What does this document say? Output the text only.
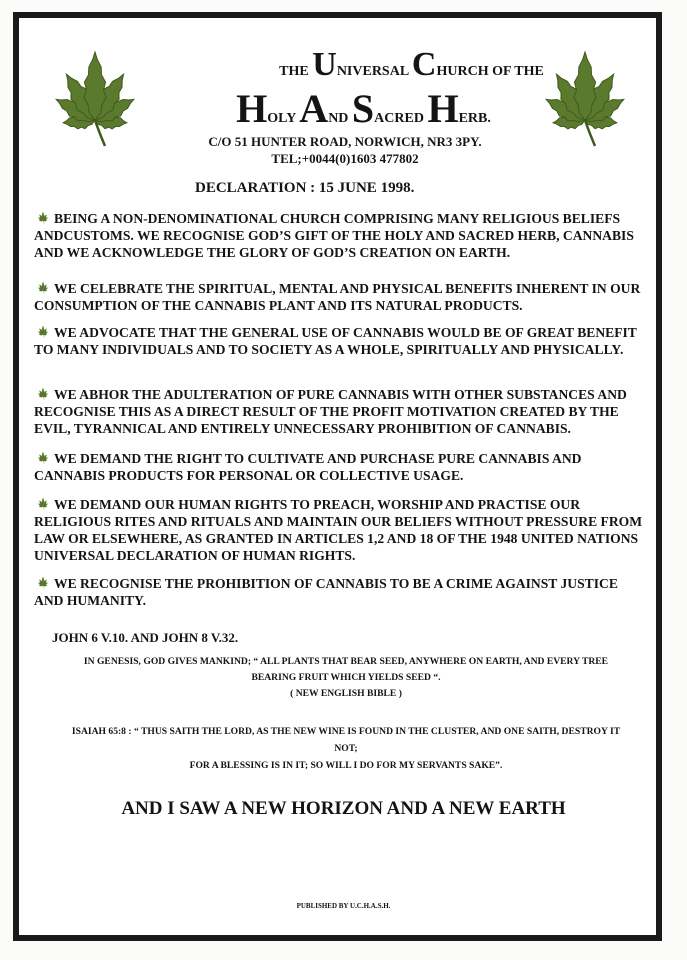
THE UNIVERSAL CHURCH OF THE
HOLY AND SACRED HERB.
C/O 51 HUNTER ROAD, NORWICH, NR3 3PY.
TEL;+0044(0)1603 477802
DECLARATION : 15 JUNE 1998.
BEING A NON-DENOMINATIONAL CHURCH COMPRISING MANY RELIGIOUS BELIEFS ANDCUSTOMS. WE RECOGNISE GOD’S GIFT OF THE HOLY AND SACRED HERB, CANNABIS AND WE ACKNOWLEDGE THE GLORY OF GOD’S CREATION ON EARTH.
WE CELEBRATE THE SPIRITUAL, MENTAL AND PHYSICAL BENEFITS INHERENT IN OUR CONSUMPTION OF THE CANNABIS PLANT AND ITS NATURAL PRODUCTS.
WE ADVOCATE THAT THE GENERAL USE OF CANNABIS WOULD BE OF GREAT BENEFIT TO MANY INDIVIDUALS AND TO SOCIETY AS A WHOLE, SPIRITUALLY AND PHYSICALLY.
WE ABHOR THE ADULTERATION OF PURE CANNABIS WITH OTHER SUBSTANCES AND RECOGNISE THIS AS A DIRECT RESULT OF THE PROFIT MOTIVATION CREATED BY THE EVIL, TYRANNICAL AND ENTIRELY UNNECESSARY PROHIBITION OF CANNABIS.
WE DEMAND THE RIGHT TO CULTIVATE AND PURCHASE PURE CANNABIS AND CANNABIS PRODUCTS FOR PERSONAL OR COLLECTIVE USAGE.
WE DEMAND OUR HUMAN RIGHTS TO PREACH, WORSHIP AND PRACTISE OUR RELIGIOUS RITES AND RITUALS AND MAINTAIN OUR BELIEFS WITHOUT PRESSURE FROM LAW OR ELSEWHERE, AS GRANTED IN ARTICLES 1,2 AND 18 OF THE 1948 UNITED NATIONS UNIVERSAL DECLARATION OF HUMAN RIGHTS.
WE RECOGNISE THE PROHIBITION OF CANNABIS TO BE A CRIME AGAINST JUSTICE AND HUMANITY.
JOHN 6 V.10. AND JOHN 8 V.32.
IN GENESIS, GOD GIVES MANKIND; “ ALL PLANTS THAT BEAR SEED, ANYWHERE ON EARTH, AND EVERY TREE
BEARING FRUIT WHICH YIELDS SEED “.
( NEW ENGLISH BIBLE )
ISAIAH 65:8 : “ THUS SAITH THE LORD, AS THE NEW WINE IS FOUND IN THE CLUSTER, AND ONE SAITH, DESTROY IT
NOT;
FOR A BLESSING IS IN IT; SO WILL I DO FOR MY SERVANTS SAKE”.
AND I SAW A NEW HORIZON AND A NEW EARTH
PUBLISHED BY U.C.H.A.S.H.
